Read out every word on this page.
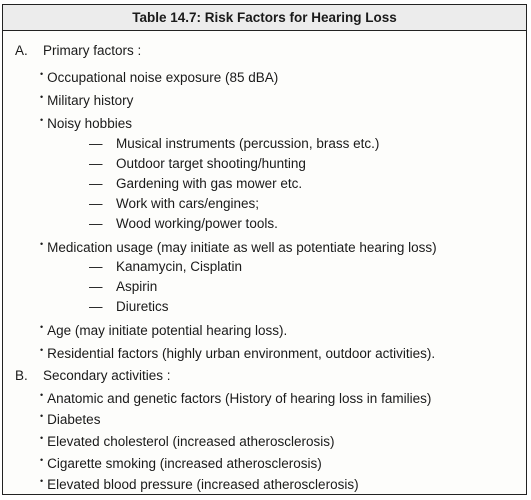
Table 14.7: Risk Factors for Hearing Loss
A. Primary factors :
• Occupational noise exposure (85 dBA)
• Military history
• Noisy hobbies
— Musical instruments (percussion, brass etc.)
— Outdoor target shooting/hunting
— Gardening with gas mower etc.
— Work with cars/engines;
— Wood working/power tools.
• Medication usage (may initiate as well as potentiate hearing loss)
— Kanamycin, Cisplatin
— Aspirin
— Diuretics
• Age (may initiate potential hearing loss).
• Residential factors (highly urban environment, outdoor activities).
B. Secondary activities :
• Anatomic and genetic factors (History of hearing loss in families)
• Diabetes
• Elevated cholesterol (increased atherosclerosis)
• Cigarette smoking (increased atherosclerosis)
• Elevated blood pressure (increased atherosclerosis)
